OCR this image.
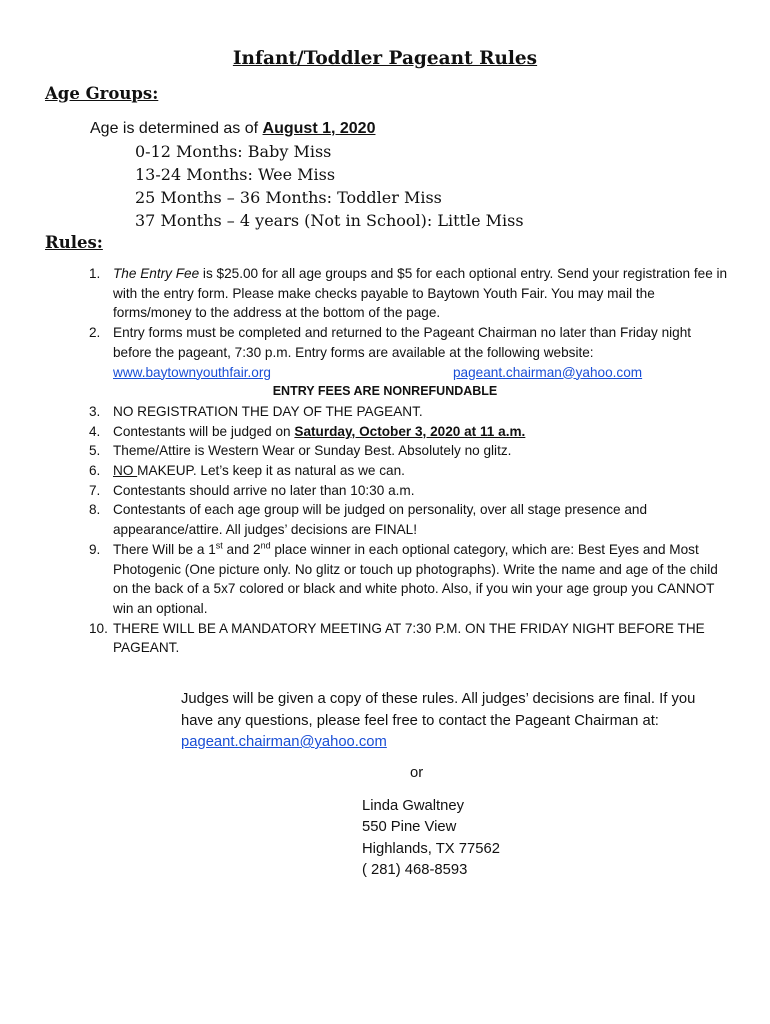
Infant/Toddler Pageant Rules
Age Groups:
Age is determined as of August 1, 2020
0-12 Months: Baby Miss
13-24 Months: Wee Miss
25 Months – 36 Months: Toddler Miss
37 Months – 4 years (Not in School): Little Miss
Rules:
1. The Entry Fee is $25.00 for all age groups and $5 for each optional entry. Send your registration fee in with the entry form. Please make checks payable to Baytown Youth Fair. You may mail the forms/money to the address at the bottom of the page.
2. Entry forms must be completed and returned to the Pageant Chairman no later than Friday night before the pageant, 7:30 p.m. Entry forms are available at the following website:
www.baytownyouthfair.org	pageant.chairman@yahoo.com
ENTRY FEES ARE NONREFUNDABLE
3. NO REGISTRATION THE DAY OF THE PAGEANT.
4. Contestants will be judged on Saturday, October 3, 2020 at 11 a.m.
5. Theme/Attire is Western Wear or Sunday Best. Absolutely no glitz.
6. NO MAKEUP. Let’s keep it as natural as we can.
7. Contestants should arrive no later than 10:30 a.m.
8. Contestants of each age group will be judged on personality, over all stage presence and appearance/attire. All judges’ decisions are FINAL!
9. There Will be a 1st and 2nd place winner in each optional category, which are: Best Eyes and Most Photogenic (One picture only. No glitz or touch up photographs). Write the name and age of the child on the back of a 5x7 colored or black and white photo. Also, if you win your age group you CANNOT win an optional.
10. THERE WILL BE A MANDATORY MEETING AT 7:30 P.M. ON THE FRIDAY NIGHT BEFORE THE PAGEANT.
Judges will be given a copy of these rules. All judges’ decisions are final. If you have any questions, please feel free to contact the Pageant Chairman at: pageant.chairman@yahoo.com
or
Linda Gwaltney
550 Pine View
Highlands, TX 77562
( 281) 468-8593
